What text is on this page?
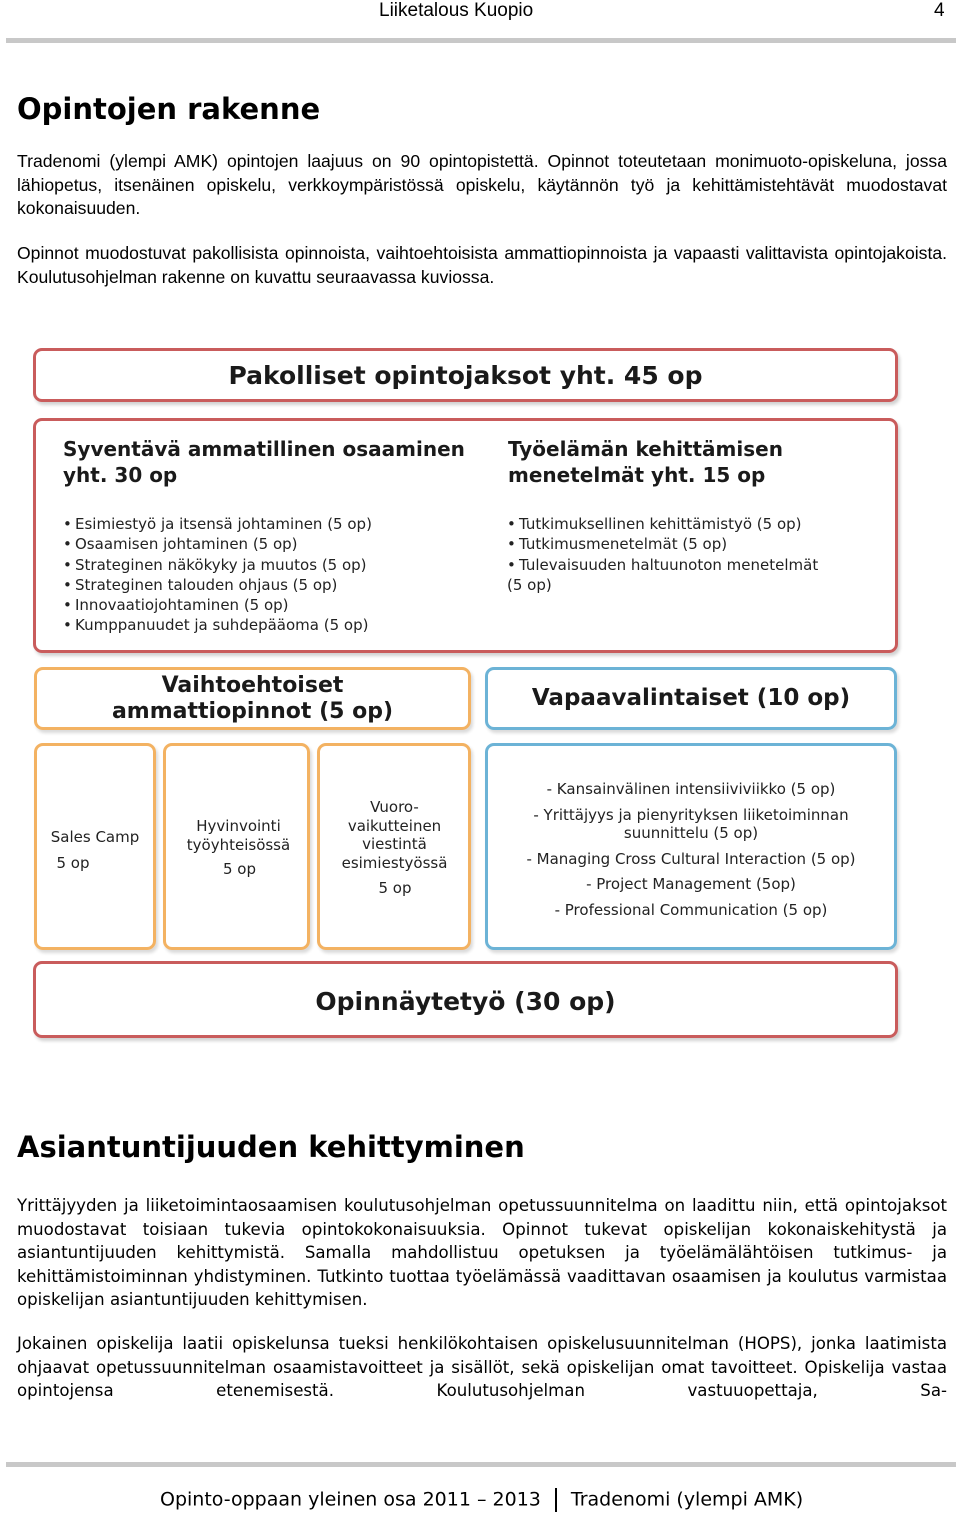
Liiketalous Kuopio	4
Opintojen rakenne

Tradenomi (ylempi AMK) opintojen laajuus on 90 opintopistettä. Opinnot toteutetaan monimuoto-opiskeluna, jossa lähiopetus, itsenäinen opiskelu, verkkoympäristössä opiskelu, käytännön työ ja kehittämistehtävät muodostavat kokonaisuuden.

Opinnot muodostuvat pakollisista opinnoista, vaihtoehtoisista ammattiopinnoista ja vapaasti valittavista opintojakoista. Koulutusohjelman rakenne on kuvattu seuraavassa kuviossa.

Pakolliset opintojaksot yht. 45 op
Syventävä ammatillinen osaaminen yht. 30 op
• Esimiestyö ja itsensä johtaminen (5 op)
• Osaamisen johtaminen (5 op)
• Strateginen näkökyky ja muutos (5 op)
• Strateginen talouden ohjaus (5 op)
• Innovaatiojohtaminen (5 op)
• Kumppanuudet ja suhdepääoma (5 op)
Työelämän kehittämisen menetelmät yht. 15 op
• Tutkimuksellinen kehittämistyö (5 op)
• Tutkimusmenetelmät (5 op)
• Tulevaisuuden haltuunoton menetelmät
(5 op)
Vaihtoehtoiset ammattiopinnot (5 op)
Sales Camp
5 op
Hyvinvointi työyhteisössä
5 op
Vuoro-vaikutteinen viestintä esimiestyössä
5 op
Vapaavalintaiset (10 op)
- Kansainvälinen intensiiviviikko (5 op)
- Yrittäjyys ja pienyrityksen liiketoiminnan suunnittelu (5 op)
- Managing Cross Cultural Interaction (5 op)
- Project Management (5op)
- Professional Communication (5 op)
Opinnäytetyö (30 op)
Asiantuntijuuden kehittyminen

Yrittäjyyden ja liiketoimintaosaamisen koulutusohjelman opetussuunnitelma on laadittu niin, että opintojaksot muodostavat toisiaan tukevia opintokokonaisuuksia. Opinnot tukevat opiskelijan kokonaiskehitystä ja asiantuntijuuden kehittymistä. Samalla mahdollistuu opetuksen ja työelämälähtöisen tutkimus- ja kehittämistoiminnan yhdistyminen. Tutkinto tuottaa työelämässä vaadittavan osaamisen ja koulutus varmistaa opiskelijan asiantuntijuuden kehittymisen.

Jokainen opiskelija laatii opiskelunsa tueksi henkilökohtaisen opiskelusuunnitelman (HOPS), jonka laatimista ohjaavat opetussuunnitelman osaamistavoitteet ja sisällöt, sekä opiskelijan omat tavoitteet. Opiskelija vastaa opintojensa etenemisestä. Koulutusohjelman vastuuopettaja, Sa-

Opinto-oppaan yleinen osa 2011 – 2013 Tradenomi (ylempi AMK)
